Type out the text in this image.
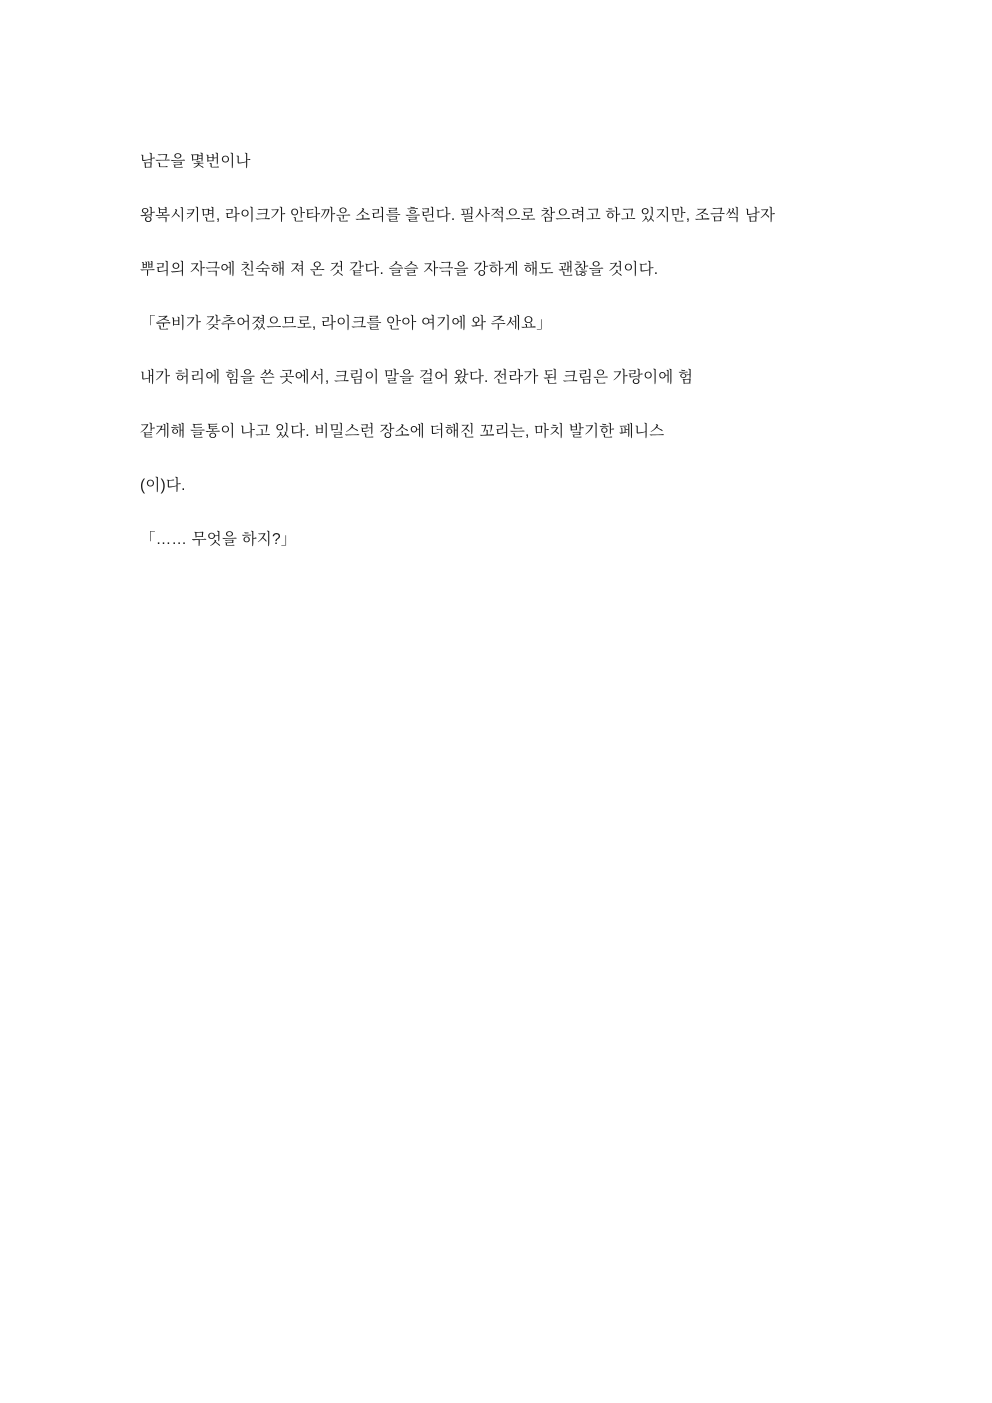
남근을 몇번이나

왕복시키면, 라이크가 안타까운 소리를 흘린다. 필사적으로 참으려고 하고 있지만, 조금씩 남자

뿌리의 자극에 친숙해 져 온 것 같다. 슬슬 자극을 강하게 해도 괜찮을 것이다.

「준비가 갖추어졌으므로, 라이크를 안아 여기에 와 주세요」

내가 허리에 힘을 쓴 곳에서, 크림이 말을 걸어 왔다. 전라가 된 크림은 가랑이에 험

같게해 들통이 나고 있다. 비밀스런 장소에 더해진 꼬리는, 마치 발기한 페니스

(이)다.

「…… 무엇을 하지?」
